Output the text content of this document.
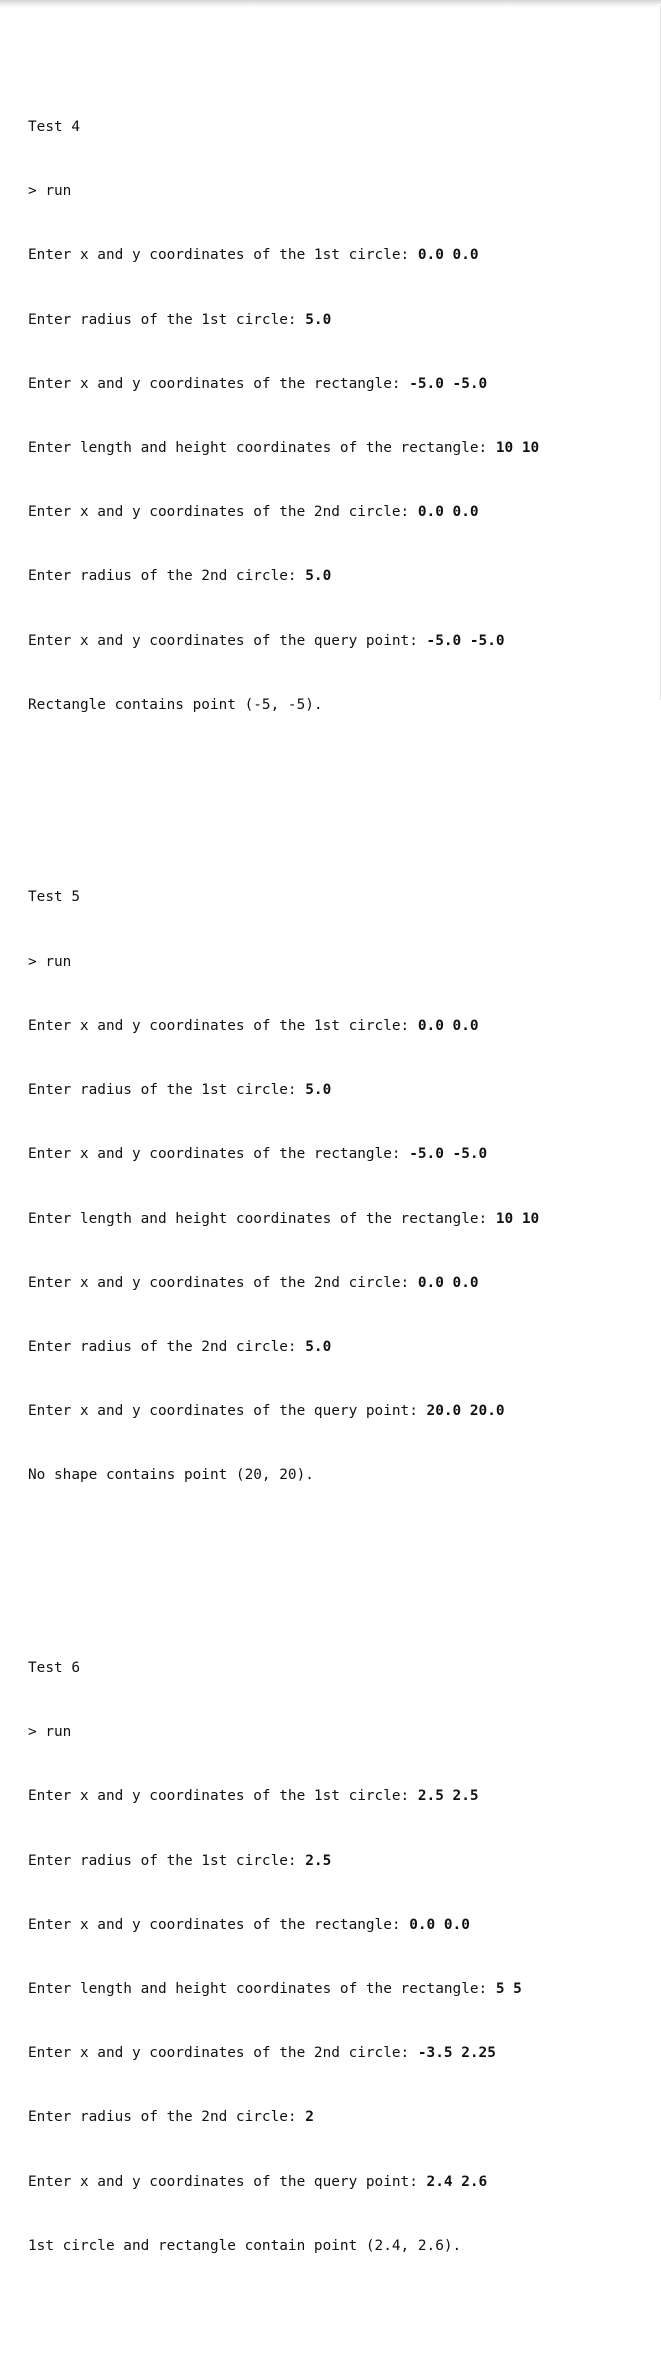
Test 4

> run

Enter x and y coordinates of the 1st circle: 0.0 0.0

Enter radius of the 1st circle: 5.0

Enter x and y coordinates of the rectangle: -5.0 -5.0

Enter length and height coordinates of the rectangle: 10 10

Enter x and y coordinates of the 2nd circle: 0.0 0.0

Enter radius of the 2nd circle: 5.0

Enter x and y coordinates of the query point: -5.0 -5.0

Rectangle contains point (-5, -5).

Test 5

> run

Enter x and y coordinates of the 1st circle: 0.0 0.0

Enter radius of the 1st circle: 5.0

Enter x and y coordinates of the rectangle: -5.0 -5.0

Enter length and height coordinates of the rectangle: 10 10

Enter x and y coordinates of the 2nd circle: 0.0 0.0

Enter radius of the 2nd circle: 5.0

Enter x and y coordinates of the query point: 20.0 20.0

No shape contains point (20, 20).

Test 6

> run

Enter x and y coordinates of the 1st circle: 2.5 2.5

Enter radius of the 1st circle: 2.5

Enter x and y coordinates of the rectangle: 0.0 0.0

Enter length and height coordinates of the rectangle: 5 5

Enter x and y coordinates of the 2nd circle: -3.5 2.25

Enter radius of the 2nd circle: 2

Enter x and y coordinates of the query point: 2.4 2.6

1st circle and rectangle contain point (2.4, 2.6).
